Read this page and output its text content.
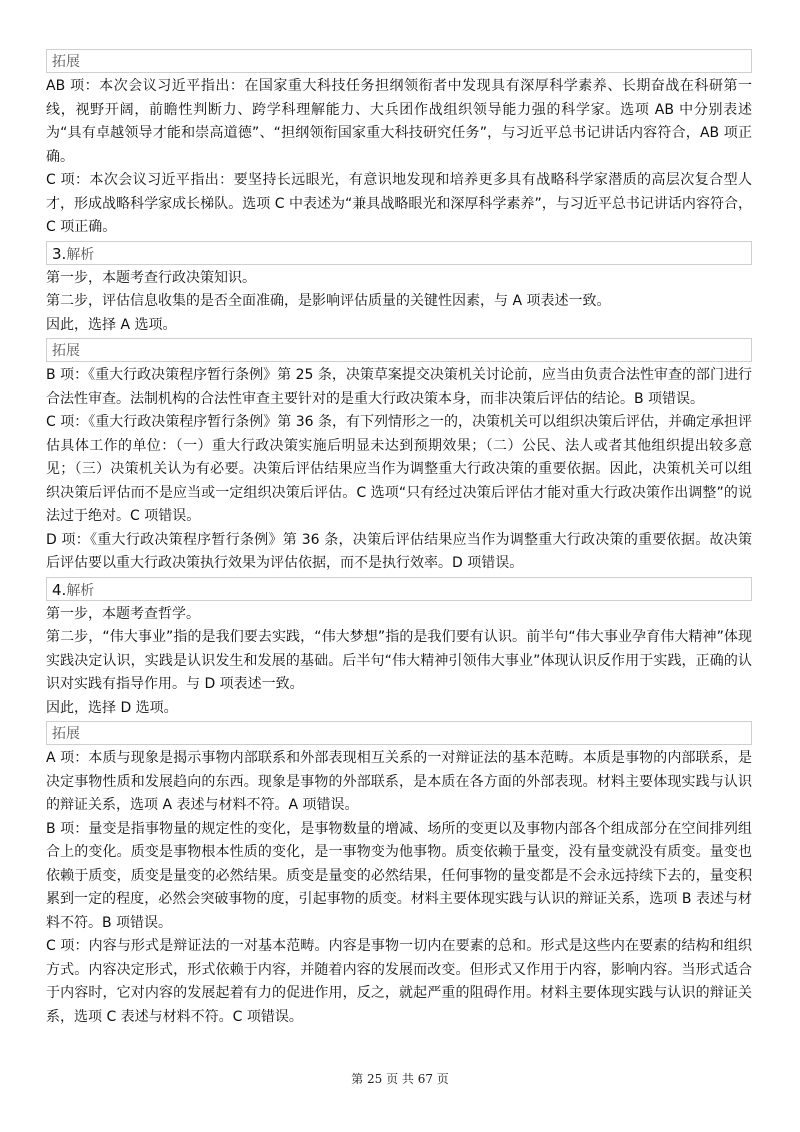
拓展

AB 项：本次会议习近平指出：在国家重大科技任务担纲领衔者中发现具有深厚科学素养、长期奋战在科研第一线，视野开阔，前瞻性判断力、跨学科理解能力、大兵团作战组织领导能力强的科学家。选项 AB 中分别表述为“具有卓越领导才能和崇高道德”、“担纲领衔国家重大科技研究任务”，与习近平总书记讲话内容符合，AB 项正确。

C 项：本次会议习近平指出：要坚持长远眼光，有意识地发现和培养更多具有战略科学家潜质的高层次复合型人才，形成战略科学家成长梯队。选项 C 中表述为“兼具战略眼光和深厚科学素养”，与习近平总书记讲话内容符合，C 项正确。

3.解析

第一步，本题考查行政决策知识。

第二步，评估信息收集的是否全面准确，是影响评估质量的关键性因素，与 A 项表述一致。

因此，选择 A 选项。

拓展

B 项：《重大行政决策程序暂行条例》第 25 条，决策草案提交决策机关讨论前，应当由负责合法性审查的部门进行合法性审查。法制机构的合法性审查主要针对的是重大行政决策本身，而非决策后评估的结论。B 项错误。

C 项：《重大行政决策程序暂行条例》第 36 条，有下列情形之一的，决策机关可以组织决策后评估，并确定承担评估具体工作的单位：（一）重大行政决策实施后明显未达到预期效果；（二）公民、法人或者其他组织提出较多意见；（三）决策机关认为有必要。决策后评估结果应当作为调整重大行政决策的重要依据。因此，决策机关可以组织决策后评估而不是应当或一定组织决策后评估。C 选项“只有经过决策后评估才能对重大行政决策作出调整”的说法过于绝对。C 项错误。

D 项：《重大行政决策程序暂行条例》第 36 条，决策后评估结果应当作为调整重大行政决策的重要依据。故决策后评估要以重大行政决策执行效果为评估依据，而不是执行效率。D 项错误。

4.解析

第一步，本题考查哲学。

第二步，“伟大事业”指的是我们要去实践，“伟大梦想”指的是我们要有认识。前半句“伟大事业孕育伟大精神”体现实践决定认识，实践是认识发生和发展的基础。后半句“伟大精神引领伟大事业”体现认识反作用于实践，正确的认识对实践有指导作用。与 D 项表述一致。

因此，选择 D 选项。

拓展

A 项：本质与现象是揭示事物内部联系和外部表现相互关系的一对辩证法的基本范畴。本质是事物的内部联系，是决定事物性质和发展趋向的东西。现象是事物的外部联系，是本质在各方面的外部表现。材料主要体现实践与认识的辩证关系，选项 A 表述与材料不符。A 项错误。

B 项：量变是指事物量的规定性的变化，是事物数量的增减、场所的变更以及事物内部各个组成部分在空间排列组合上的变化。质变是事物根本性质的变化，是一事物变为他事物。质变依赖于量变，没有量变就没有质变。量变也依赖于质变，质变是量变的必然结果。质变是量变的必然结果，任何事物的量变都是不会永远持续下去的，量变积累到一定的程度，必然会突破事物的度，引起事物的质变。材料主要体现实践与认识的辩证关系，选项 B 表述与材料不符。B 项错误。

C 项：内容与形式是辩证法的一对基本范畴。内容是事物一切内在要素的总和。形式是这些内在要素的结构和组织方式。内容决定形式，形式依赖于内容，并随着内容的发展而改变。但形式又作用于内容，影响内容。当形式适合于内容时，它对内容的发展起着有力的促进作用，反之，就起严重的阻碍作用。材料主要体现实践与认识的辩证关系，选项 C 表述与材料不符。C 项错误。

第 25 页 共 67 页
